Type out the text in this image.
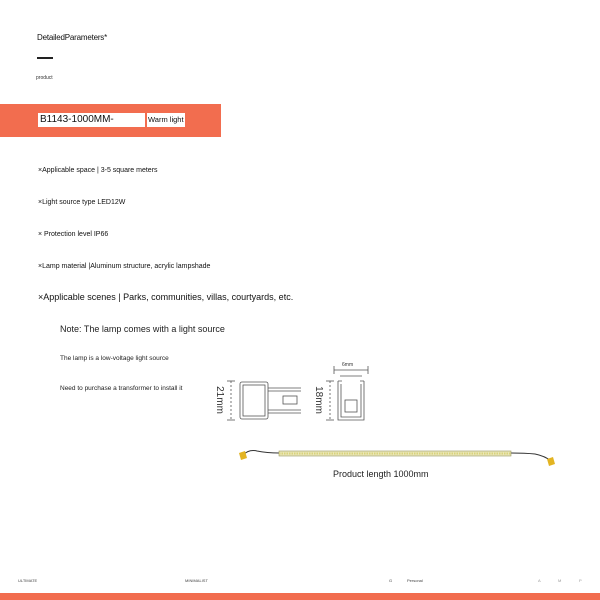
DetailedParameters*
product
B1143-1000MM-	Warm light
×Applicable space | 3-5 square meters
×Light source type LED12W
× Protection level IP66
×Lamp material |Aluminum structure, acrylic lampshade
×Applicable scenes | Parks, communities, villas, courtyards, etc.
Note: The lamp comes with a light source
The lamp is a low-voltage light source
Need to purchase a transformer to install it	21mm
6mm
18mm
Product length 1000mm
ULTIMATE	MINIMALIST	G	Personal	A	M	P
